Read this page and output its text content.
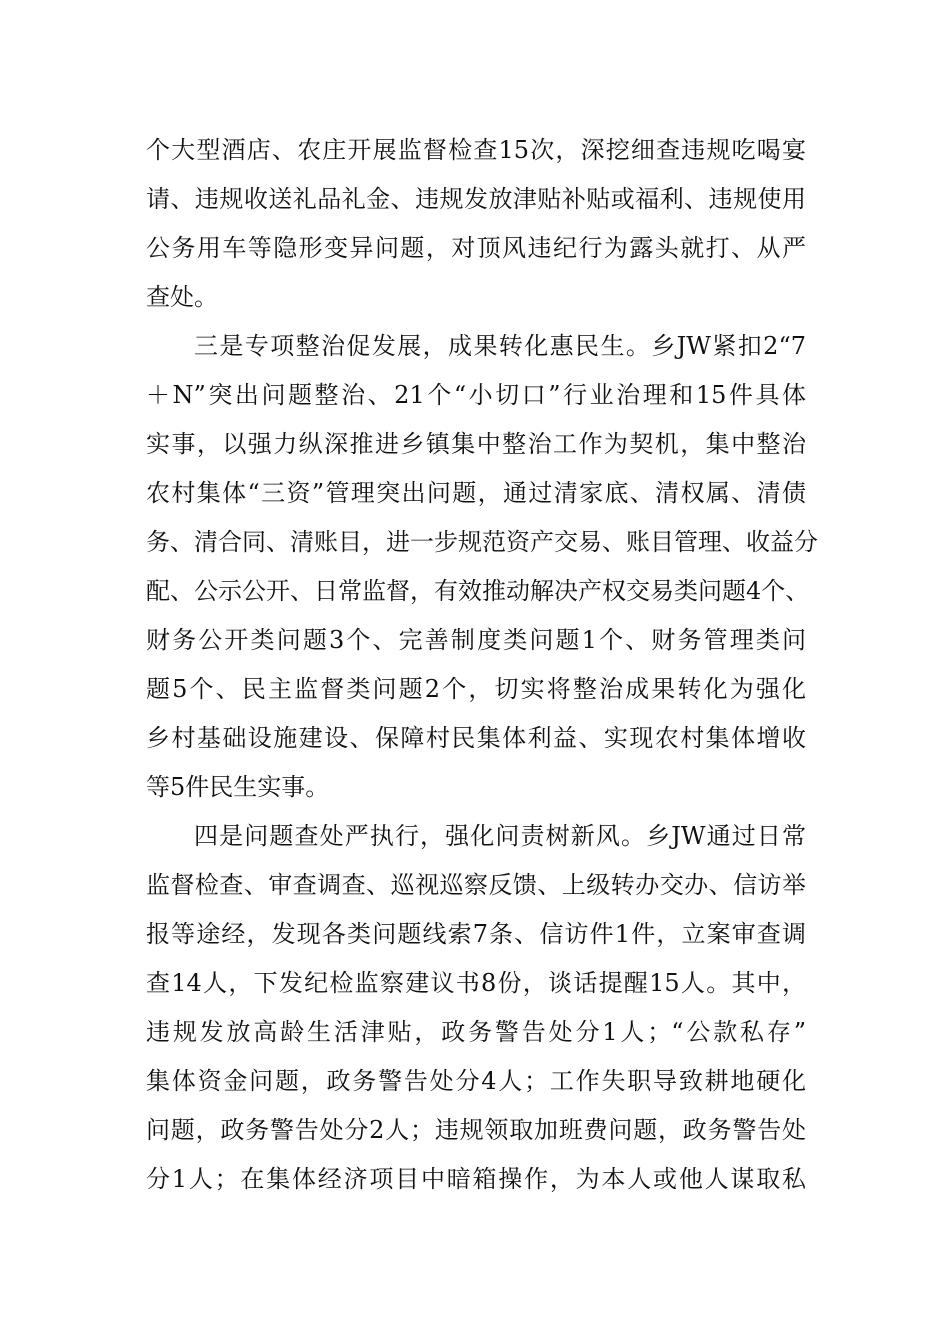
个大型酒店、农庄开展监督检查15次，深挖细查违规吃喝宴
请、违规收送礼品礼金、违规发放津贴补贴或福利、违规使用
公务用车等隐形变异问题，对顶风违纪行为露头就打、从严
查处。
三是专项整治促发展，成果转化惠民生。乡JW紧扣2“7
＋N”突出问题整治、21个“小切口”行业治理和15件具体
实事，以强力纵深推进乡镇集中整治工作为契机，集中整治
农村集体“三资”管理突出问题，通过清家底、清权属、清债
务、清合同、清账目，进一步规范资产交易、账目管理、收益分
配、公示公开、日常监督，有效推动解决产权交易类问题4个、
财务公开类问题3个、完善制度类问题1个、财务管理类问
题5个、民主监督类问题2个，切实将整治成果转化为强化
乡村基础设施建设、保障村民集体利益、实现农村集体增收
等5件民生实事。
四是问题查处严执行，强化问责树新风。乡JW通过日常
监督检查、审查调查、巡视巡察反馈、上级转办交办、信访举
报等途经，发现各类问题线索7条、信访件1件，立案审查调
查14人，下发纪检监察建议书8份，谈话提醒15人。其中，
违规发放高龄生活津贴，政务警告处分1人；“公款私存”
集体资金问题，政务警告处分4人；工作失职导致耕地硬化
问题，政务警告处分2人；违规领取加班费问题，政务警告处
分1人；在集体经济项目中暗箱操作，为本人或他人谋取私
